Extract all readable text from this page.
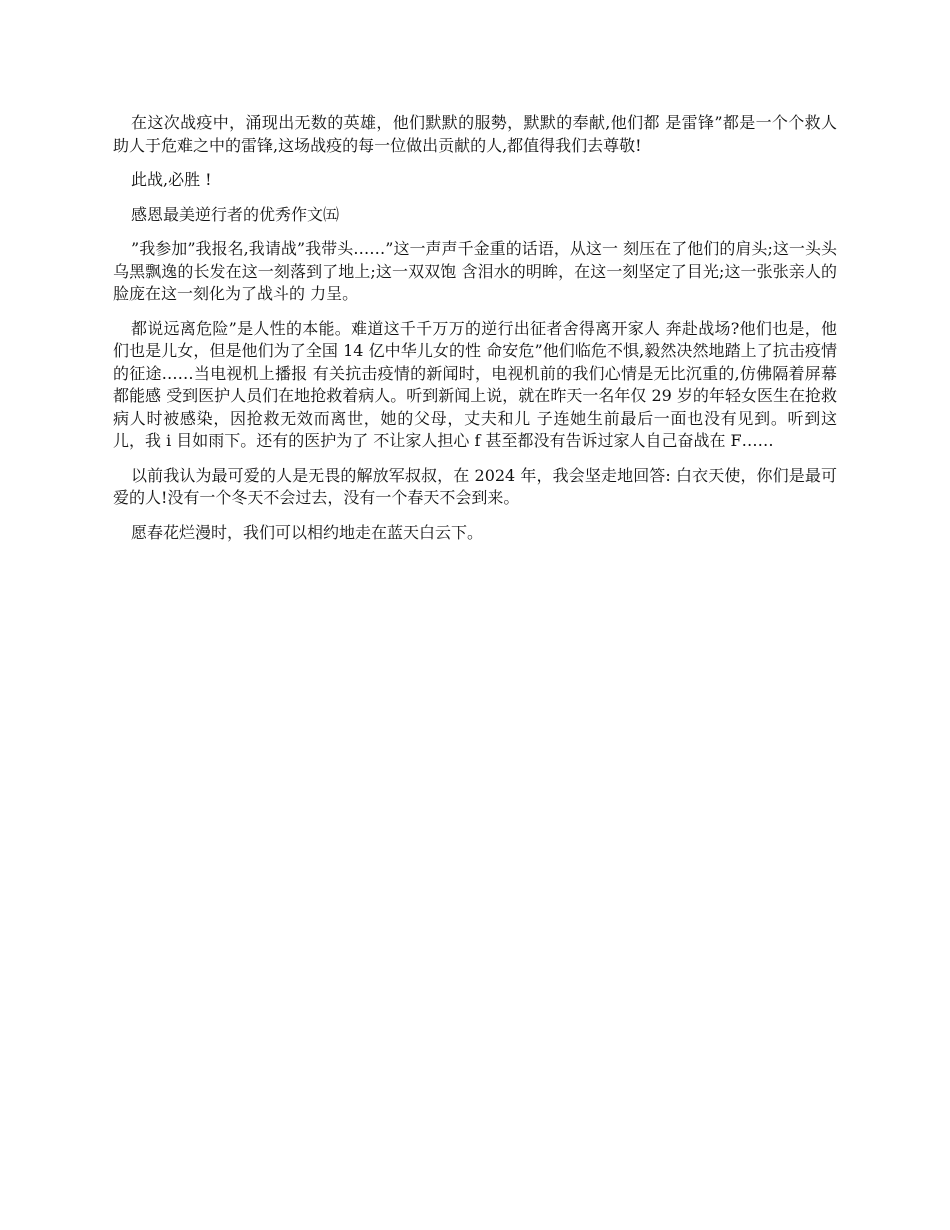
在这次战疫中，涌现出无数的英雄，他们默默的服勢，默默的奉献,他们都 是雷锋”都是一个个救人助人于危难之中的雷锋,这场战疫的每一位做出贡献的人,都值得我们去尊敬!

此战,必胜 !

感恩最美逆行者的优秀作文㈤

”我参加”我报名,我请战”我带头……”这一声声千金重的话语，从这一 刻压在了他们的肩头;这一头头乌黑飘逸的长发在这一刻落到了地上;这一双双饱 含泪水的明眸，在这一刻坚定了目光;这一张张亲人的脸庞在这一刻化为了战斗的 力呈。

都说远离危险”是人性的本能。难道这千千万万的逆行出征者舍得离开家人 奔赴战场?他们也是，他们也是儿女，但是他们为了全国 14 亿中华儿女的性 命安危”他们临危不惧,毅然决然地踏上了抗击疫情的征途……当电视机上播报 有关抗击疫情的新闻时，电视机前的我们心情是无比沉重的,仿佛隔着屏幕都能感 受到医护人员们在地抢救着病人。听到新闻上说，就在昨天一名年仅 29 岁的年轻女医生在抢救病人时被感染，因抢救无效而离世，她的父母，丈夫和儿 子连她生前最后一面也没有见到。听到这儿，我 i 目如雨下。还有的医护为了 不让家人担心 f 甚至都没有告诉过家人自己奋战在 F……

以前我认为最可爱的人是无畏的解放军叔叔，在 2024 年，我会坚走地回答: 白衣天使，你们是最可爱的人!没有一个冬天不会过去，没有一个春天不会到来。

愿春花烂漫时，我们可以相约地走在蓝天白云下。
